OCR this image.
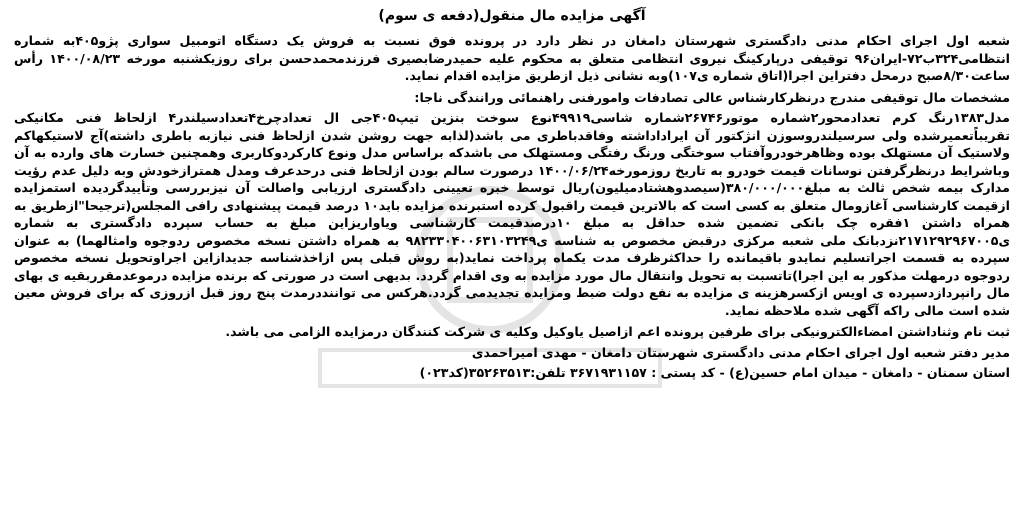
آگهی مزایده مال منقول(دفعه ی سوم)

شعبه اول اجرای احکام مدنی دادگستری شهرستان دامغان در نظر دارد در پرونده فوق نسبت به فروش یک دستگاه اتومبیل سواری پژو۴۰۵به شماره انتظامی۳۲۴ب۷۲-ایران۹۶ توقیفی درپارکینگ نیروی انتظامی متعلق به محکوم علیه حمیدرضابصیری فرزندمحمدحسن برای روزیکشنبه مورخه ۱۴۰۰/۰۸/۲۳ رأس ساعت۸/۳۰صبح درمحل دفتراین اجرا(اتاق شماره ی۱۰۷)وبه نشانی ذیل ازطریق مزایده اقدام نماید.

مشخصات مال توقیفی مندرج درنظرکارشناس عالی تصادفات وامورفنی راهنمائی ورانندگی ناجا:

مدل۱۳۸۳رنگ کرم تعدادمحور۲شماره موتور۲۶۷۴۶شماره شاسی۴۹۹۱۹نوع سوخت بنزین تیپ۴۰۵جی ال تعدادچرخ۴تعدادسیلندر۴ ازلحاظ فنی مکانیکی تقریباًتعمیرشده ولی سرسیلندروسوزن انژکتور آن ایراداداشته وفاقدباطری می باشد(لذابه جهت روشن شدن ازلحاظ فنی نیازبه باطری داشته)آج لاستیکهاکم ولاستیک آن مستهلک بوده وظاهرخودروآفتاب سوختگی ورنگ رفتگی ومستهلک می باشدکه براساس مدل ونوع کارکردوکاربری وهمچنین خسارت های وارده به آن وباشرایط درنظرگرفتن نوسانات قیمت خودرو به تاریخ روزمورخه۱۴۰۰/۰۶/۲۴ درصورت سالم بودن ازلحاظ فنی درحدعرف ومدل همترازخودش وبه دلیل عدم رؤیت مدارک بیمه شخص ثالث به مبلغ۳۸۰/۰۰۰/۰۰۰(سیصدوهشتادمیلیون)ریال توسط خبره تعیینی دادگستری ارزیابی واصالت آن نیزبررسی وتأییدگردیده استمزایده ازقیمت کارشناسی آغازومال متعلق به کسی است که بالاترین قیمت راقبول کرده استبرنده مزایده باید۱۰ درصد قیمت پیشنهادی رافی المجلس(ترجیحا"ازطریق به همراه داشتن ۱فقره چک بانکی تضمین شده حداقل به مبلغ ۱۰درصدقیمت کارشناسی ویاواریزاین مبلغ به حساب سپرده دادگستری به شماره ی۲۱۷۱۲۹۲۹۶۷۰۰۵نزدبانک ملی شعبه مرکزی درقبض مخصوص به شناسه ی۹۸۲۳۳۰۴۰۰۶۳۱۰۳۲۴۹ به همراه داشتن نسخه مخصوص ردوجوه وامثالهما) به عنوان سپرده به قسمت اجراتسلیم نمایدو باقیمانده را حداکثرظرف مدت یکماه پرداخت نماید(به روش قبلی پس ازاخذشناسه جدیدازاین اجراوتحویل نسخه مخصوص ردوجوه درمهلت مذکور به این اجرا)تاتسبت به تحویل وانتقال مال مورد مزایده به وی اقدام گردد. بدیهی است در صورتی که برنده مزایده درموعدمقرربقیه ی بهای مال رانپردازدسپرده ی اویس ازکسرهزینه ی مزایده به نفع دولت ضبط ومزایده تجدیدمی گردد.هرکس می تواننددرمدت پنج روز قبل ازروزی که برای فروش معین شده است مالی راکه آگهی شده ملاحظه نماید.

ثبت نام وثناداشتن امضاءالکترونیکی برای طرفین پرونده اعم ازاصیل یاوکیل وکلیه ی شرکت کنندگان درمزایده الزامی می باشد.

مدیر دفتر شعبه اول اجرای احکام مدنی دادگستری شهرستان دامغان - مهدی امیراحمدی

استان سمنان - دامغان - میدان امام حسین(ع) - کد پستی : ۳۶۷۱۹۳۱۱۵۷ تلفن:۳۵۲۶۳۵۱۳(کد۰۲۳)
